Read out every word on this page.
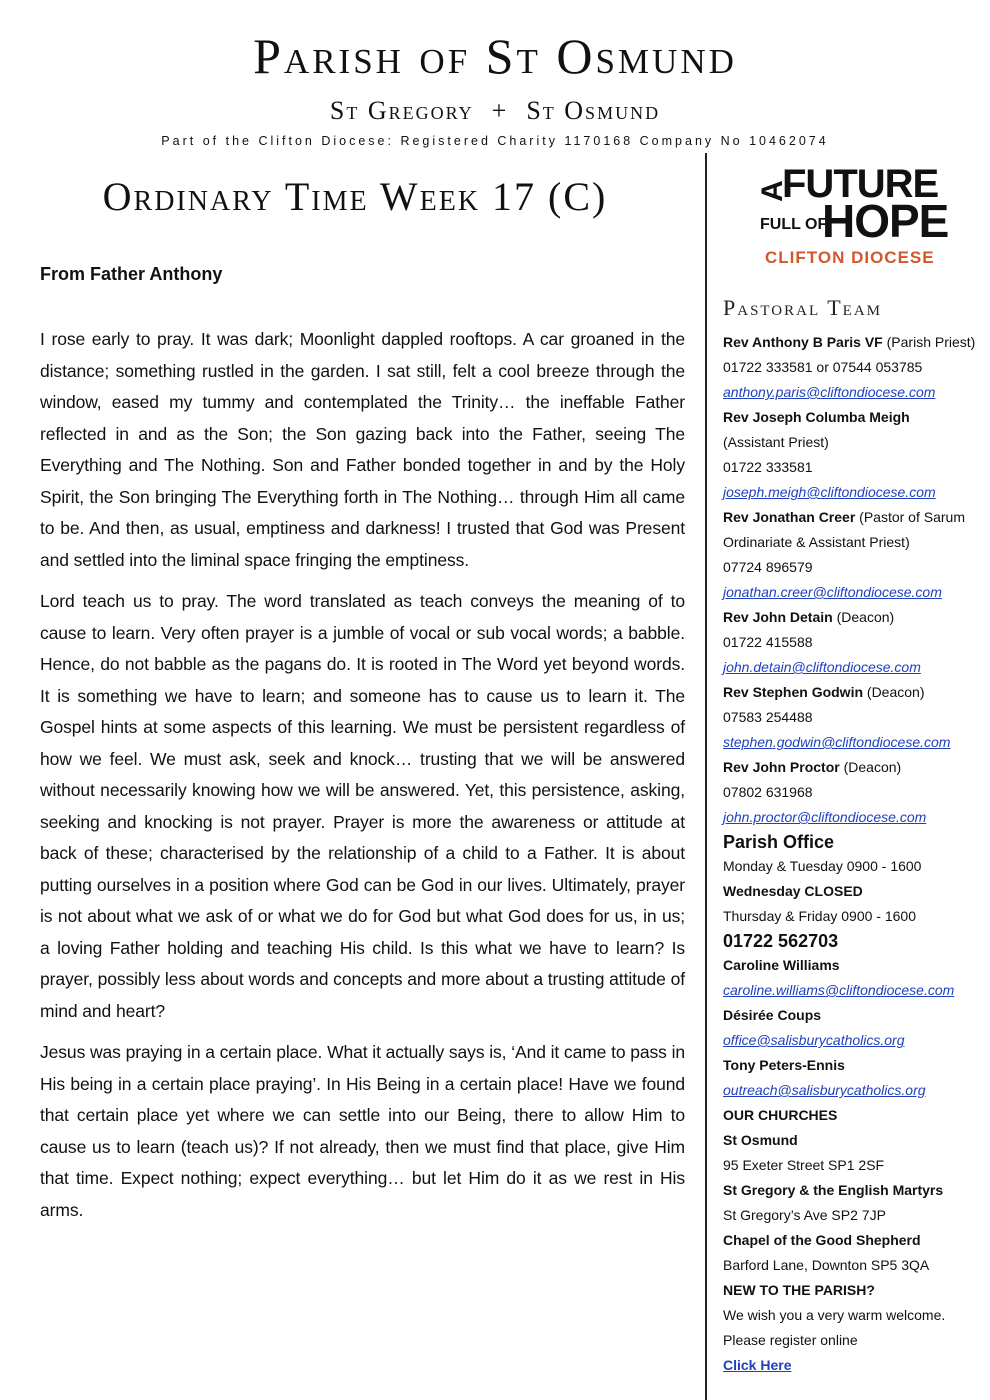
Parish of St Osmund
St Gregory + St Osmund
Part of the Clifton Diocese: Registered Charity 1170168 Company No 10462074
Ordinary Time Week 17 (C)

From Father Anthony

I rose early to pray. It was dark; Moonlight dappled rooftops. A car groaned in the distance; something rustled in the garden. I sat still, felt a cool breeze through the window, eased my tummy and contemplated the Trinity… the ineffable Father reflected in and as the Son; the Son gazing back into the Father, seeing The Everything and The Nothing. Son and Father bonded together in and by the Holy Spirit, the Son bringing The Everything forth in The Nothing… through Him all came to be. And then, as usual, emptiness and darkness! I trusted that God was Present and settled into the liminal space fringing the emptiness.

Lord teach us to pray. The word translated as teach conveys the meaning of to cause to learn. Very often prayer is a jumble of vocal or sub vocal words; a babble. Hence, do not babble as the pagans do. It is rooted in The Word yet beyond words. It is something we have to learn; and someone has to cause us to learn it. The Gospel hints at some aspects of this learning. We must be persistent regardless of how we feel. We must ask, seek and knock… trusting that we will be answered without necessarily knowing how we will be answered. Yet, this persistence, asking, seeking and knocking is not prayer. Prayer is more the awareness or attitude at back of these; characterised by the relationship of a child to a Father. It is about putting ourselves in a position where God can be God in our lives. Ultimately, prayer is not about what we ask of or what we do for God but what God does for us, in us; a loving Father holding and teaching His child. Is this what we have to learn? Is prayer, possibly less about words and concepts and more about a trusting attitude of mind and heart?

Jesus was praying in a certain place. What it actually says is, ‘And it came to pass in His being in a certain place praying’. In His Being in a certain place! Have we found that certain place yet where we can settle into our Being, there to allow Him to cause us to learn (teach us)? If not already, then we must find that place, give Him that time. Expect nothing; expect everything… but let Him do it as we rest in His arms.

A
FUTURE
FULL OF
HOPE
CLIFTON DIOCESE
Pastoral Team
Rev Anthony B Paris VF (Parish Priest)
01722 333581 or 07544 053785
anthony.paris@cliftondiocese.com
Rev Joseph Columba Meigh
(Assistant Priest)
01722 333581
joseph.meigh@cliftondiocese.com
Rev Jonathan Creer (Pastor of Sarum
Ordinariate & Assistant Priest)
07724 896579
jonathan.creer@cliftondiocese.com
Rev John Detain (Deacon)
01722 415588
john.detain@cliftondiocese.com
Rev Stephen Godwin (Deacon)
07583 254488
stephen.godwin@cliftondiocese.com
Rev John Proctor (Deacon)
07802 631968
john.proctor@cliftondiocese.com
Parish Office
Monday & Tuesday 0900 - 1600
Wednesday CLOSED
Thursday & Friday 0900 - 1600
01722 562703
Caroline Williams
caroline.williams@cliftondiocese.com
Désirée Coups
office@salisburycatholics.org
Tony Peters-Ennis
outreach@salisburycatholics.org
OUR CHURCHES
St Osmund
95 Exeter Street SP1 2SF
St Gregory & the English Martyrs
St Gregory’s Ave SP2 7JP
Chapel of the Good Shepherd
Barford Lane, Downton SP5 3QA
NEW TO THE PARISH?
We wish you a very warm welcome.
Please register online
Click Here
